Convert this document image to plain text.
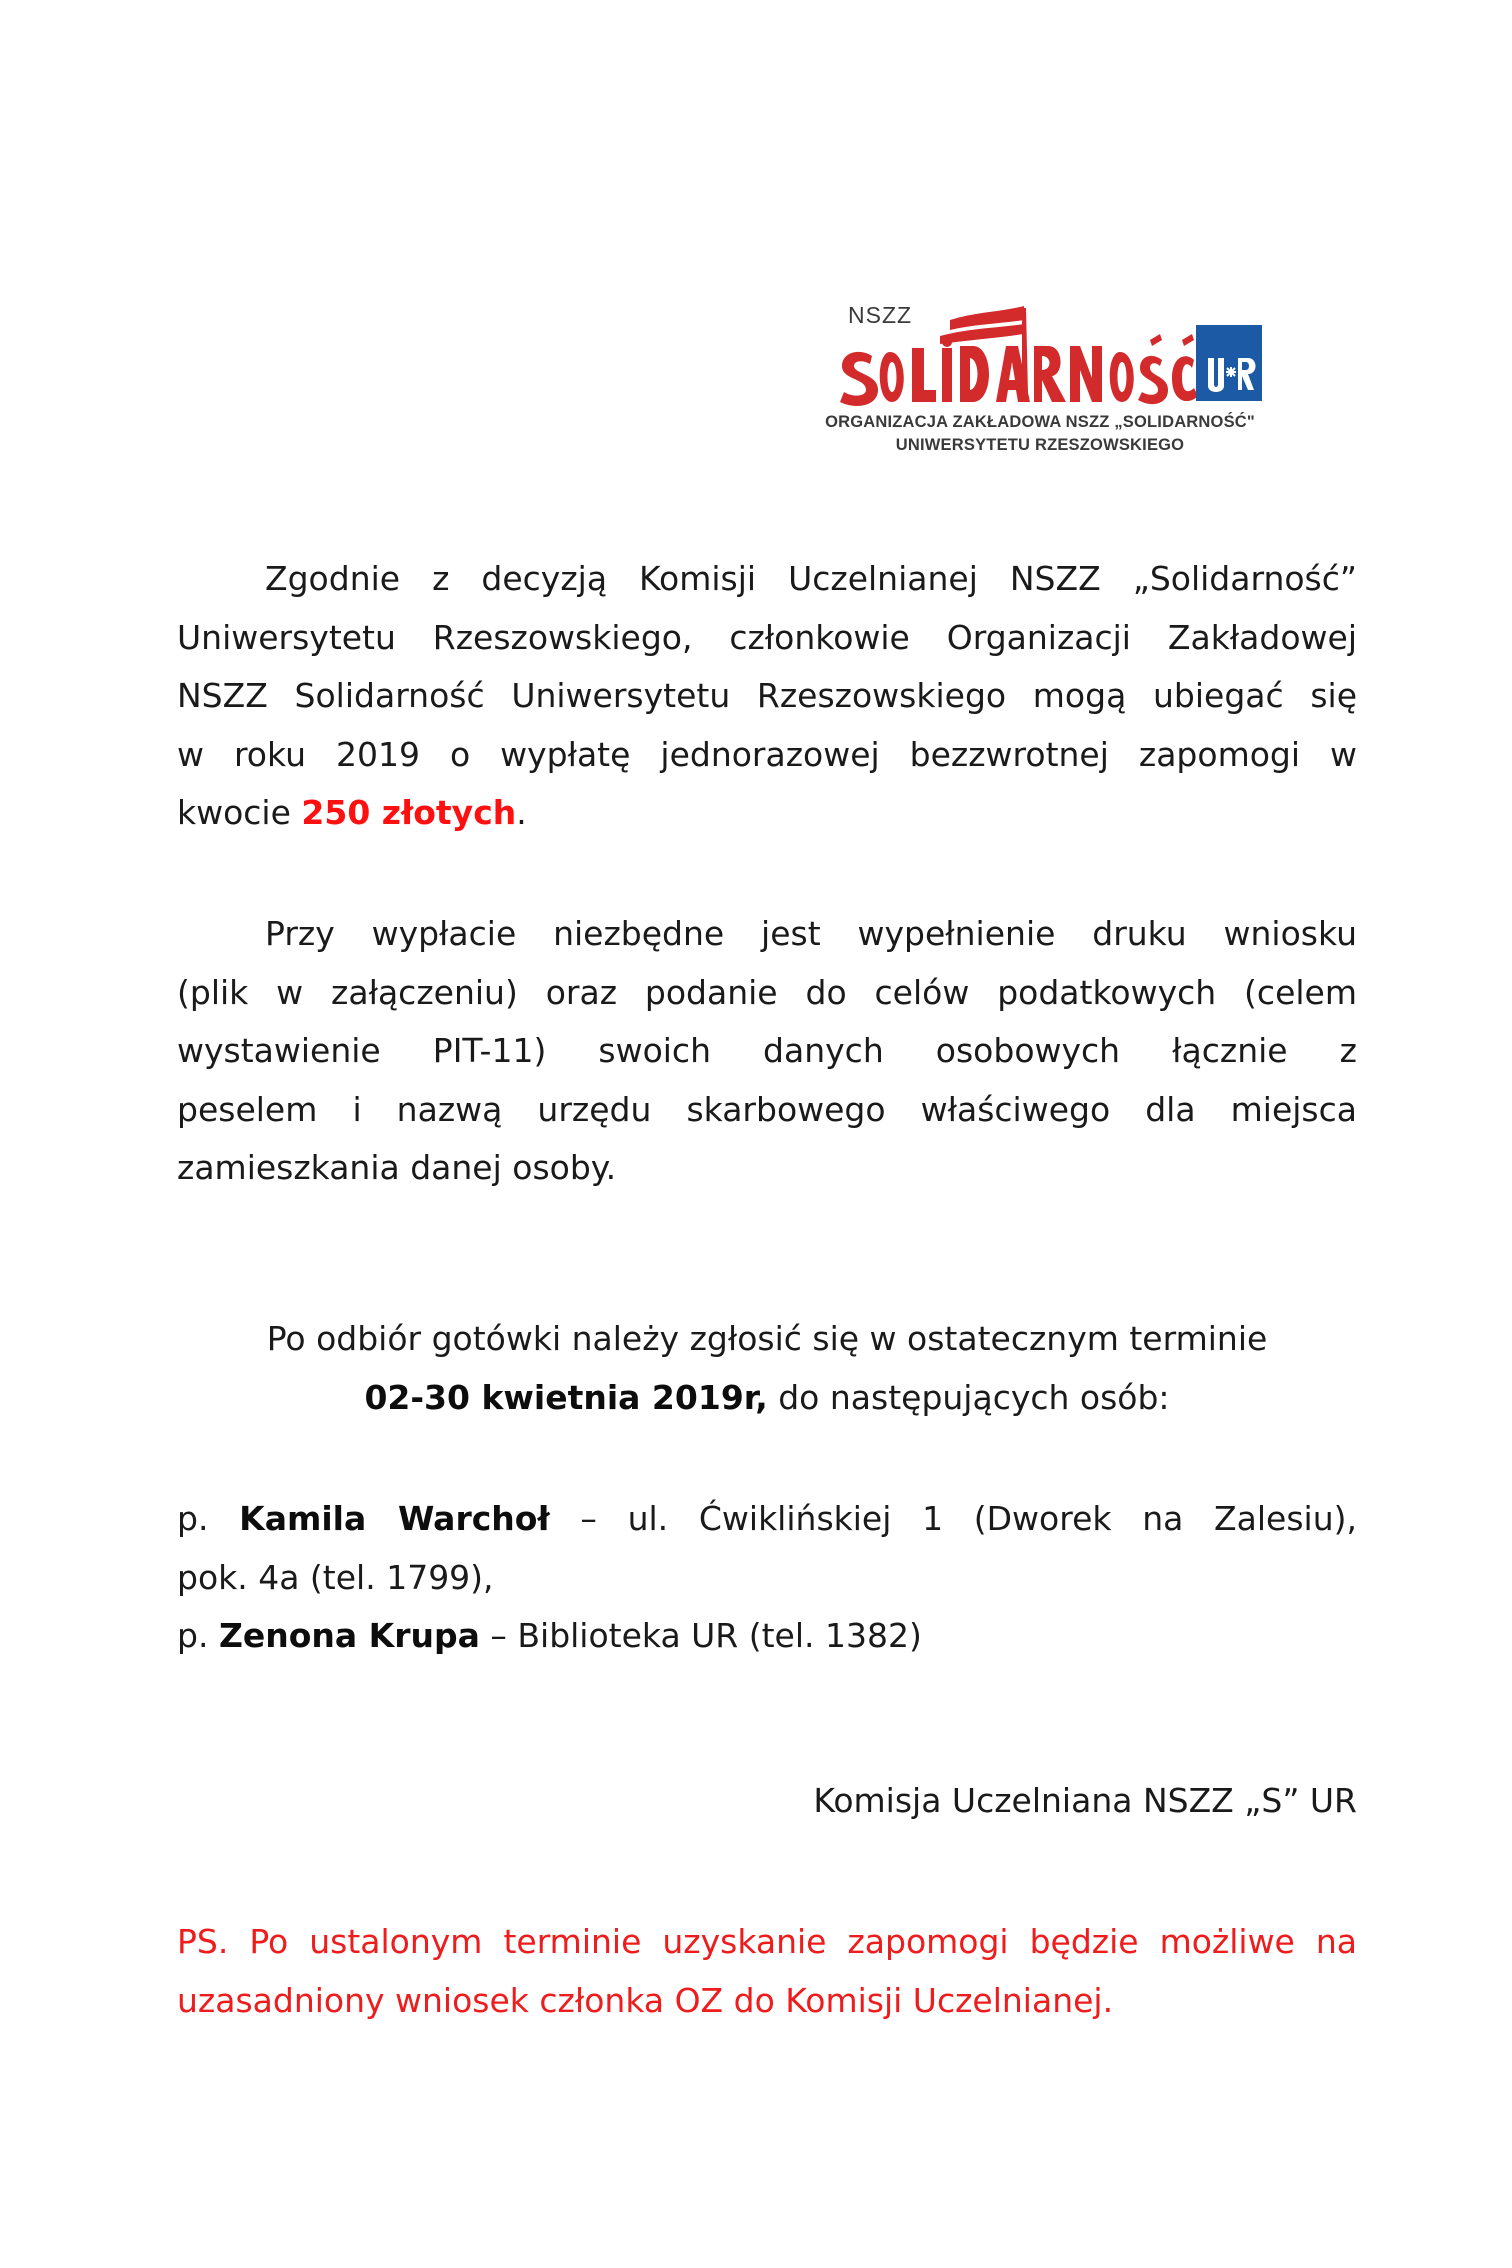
NSZZ
ORGANIZACJA ZAKŁADOWA NSZZ „SOLIDARNOŚĆ"
UNIWERSYTETU RZESZOWSKIEGO
Zgodnie z decyzją Komisji Uczelnianej NSZZ „Solidarność”
Uniwersytetu Rzeszowskiego, członkowie Organizacji Zakładowej
NSZZ Solidarność Uniwersytetu Rzeszowskiego mogą ubiegać się
w roku 2019 o wypłatę jednorazowej bezzwrotnej zapomogi w
kwocie 250 złotych.
Przy wypłacie niezbędne jest wypełnienie druku wniosku
(plik w załączeniu) oraz podanie do celów podatkowych (celem
wystawienie PIT-11) swoich danych osobowych łącznie z
peselem i nazwą urzędu skarbowego właściwego dla miejsca
zamieszkania danej osoby.
Po odbiór gotówki należy zgłosić się w ostatecznym terminie
02-30 kwietnia 2019r, do następujących osób:
p. Kamila Warchoł – ul. Ćwiklińskiej 1 (Dworek na Zalesiu),
pok. 4a (tel. 1799),
p. Zenona Krupa – Biblioteka UR (tel. 1382)
Komisja Uczelniana NSZZ „S” UR
PS. Po ustalonym terminie uzyskanie zapomogi będzie możliwe na
uzasadniony wniosek członka OZ do Komisji Uczelnianej.
